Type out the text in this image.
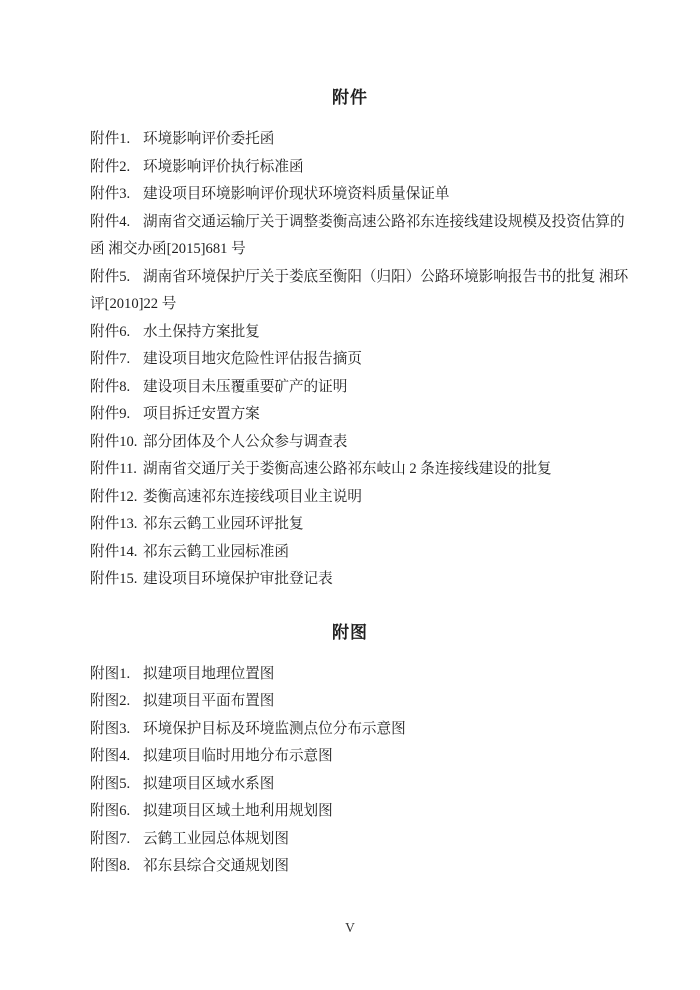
附件
附件1. 环境影响评价委托函
附件2. 环境影响评价执行标准函
附件3. 建设项目环境影响评价现状环境资料质量保证单
附件4. 湖南省交通运输厅关于调整娄衡高速公路祁东连接线建设规模及投资估算的函 湘交办函[2015]681 号
附件5. 湖南省环境保护厅关于娄底至衡阳（归阳）公路环境影响报告书的批复 湘环评[2010]22 号
附件6. 水土保持方案批复
附件7. 建设项目地灾危险性评估报告摘页
附件8. 建设项目未压覆重要矿产的证明
附件9. 项目拆迁安置方案
附件10. 部分团体及个人公众参与调查表
附件11. 湖南省交通厅关于娄衡高速公路祁东岐山 2 条连接线建设的批复
附件12. 娄衡高速祁东连接线项目业主说明
附件13. 祁东云鹤工业园环评批复
附件14. 祁东云鹤工业园标准函
附件15. 建设项目环境保护审批登记表
附图
附图1. 拟建项目地理位置图
附图2. 拟建项目平面布置图
附图3. 环境保护目标及环境监测点位分布示意图
附图4. 拟建项目临时用地分布示意图
附图5. 拟建项目区域水系图
附图6. 拟建项目区域土地利用规划图
附图7. 云鹤工业园总体规划图
附图8. 祁东县综合交通规划图
V
